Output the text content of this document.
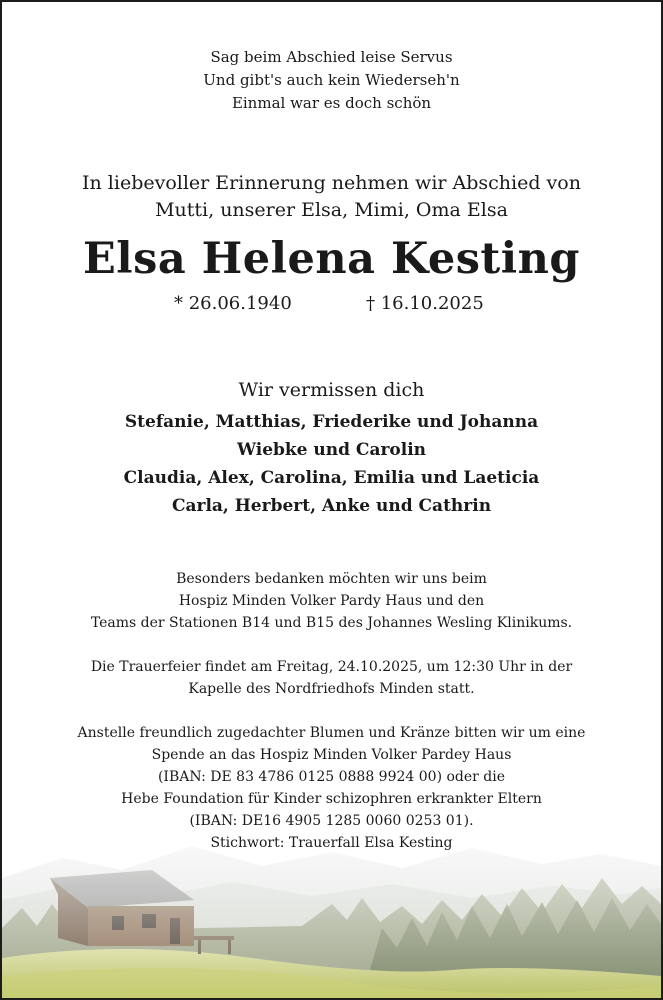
Sag beim Abschied leise Servus
Und gibt's auch kein Wiederseh'n
Einmal war es doch schön
In liebevoller Erinnerung nehmen wir Abschied von
Mutti, unserer Elsa, Mimi, Oma Elsa
Elsa Helena Kesting
* 26.06.1940	† 16.10.2025
Wir vermissen dich
Stefanie, Matthias, Friederike und Johanna
Wiebke und Carolin
Claudia, Alex, Carolina, Emilia und Laeticia
Carla, Herbert, Anke und Cathrin
Besonders bedanken möchten wir uns beim
Hospiz Minden Volker Pardy Haus und den
Teams der Stationen B14 und B15 des Johannes Wesling Klinikums.
Die Trauerfeier findet am Freitag, 24.10.2025, um 12:30 Uhr in der
Kapelle des Nordfriedhofs Minden statt.
Anstelle freundlich zugedachter Blumen und Kränze bitten wir um eine
Spende an das Hospiz Minden Volker Pardey Haus
(IBAN: DE 83 4786 0125 0888 9924 00) oder die
Hebe Foundation für Kinder schizophren erkrankter Eltern
(IBAN: DE16 4905 1285 0060 0253 01).
Stichwort: Trauerfall Elsa Kesting
